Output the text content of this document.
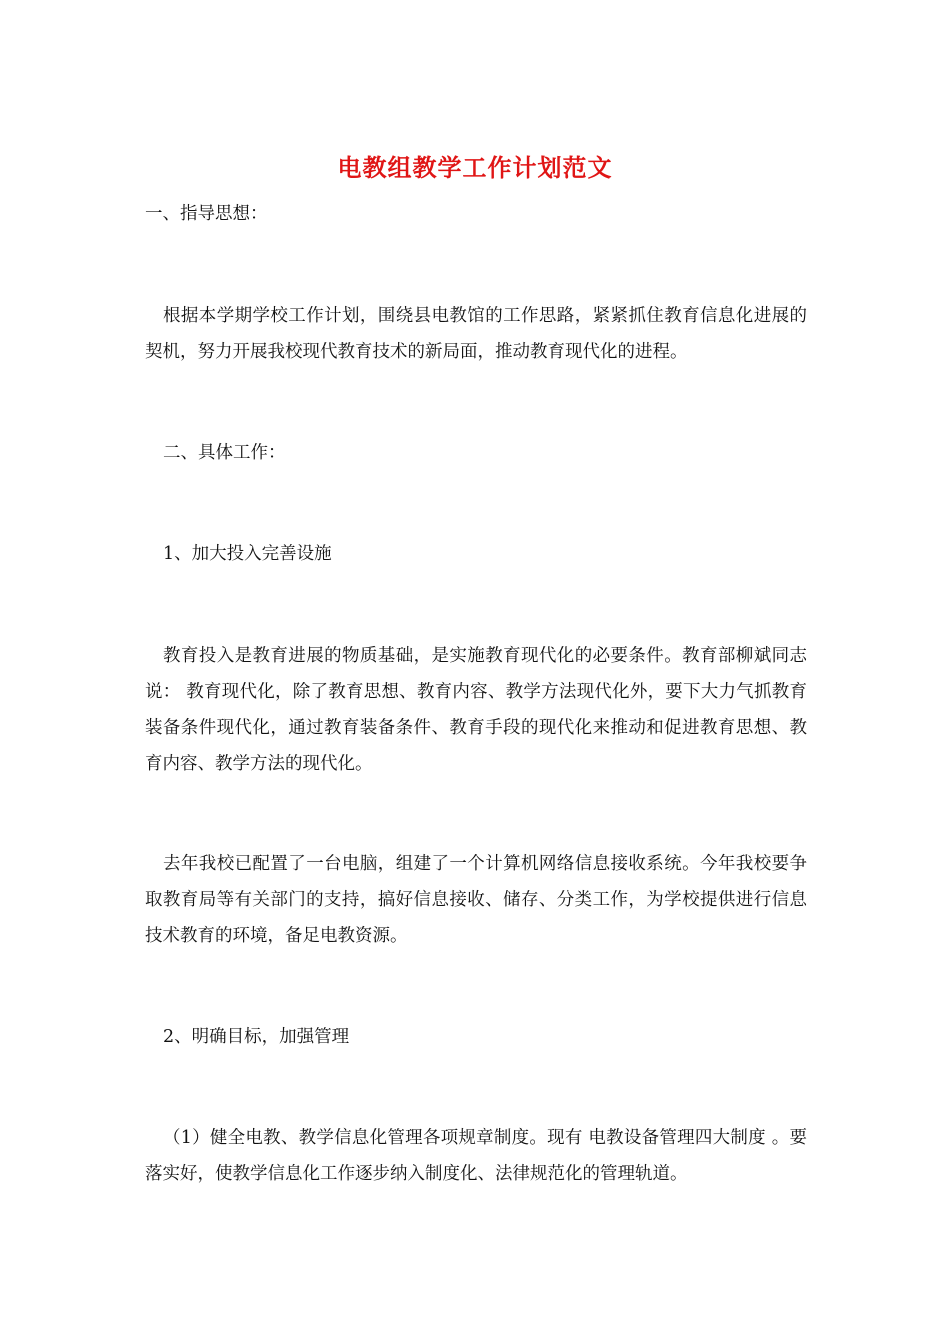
电教组教学工作计划范文

一、指导思想：

根据本学期学校工作计划，围绕县电教馆的工作思路，紧紧抓住教育信息化进展的契机，努力开展我校现代教育技术的新局面，推动教育现代化的进程。

二、具体工作：

1、加大投入完善设施

教育投入是教育进展的物质基础，是实施教育现代化的必要条件。教育部柳斌同志说： 教育现代化，除了教育思想、教育内容、教学方法现代化外，要下大力气抓教育装备条件现代化，通过教育装备条件、教育手段的现代化来推动和促进教育思想、教育内容、教学方法的现代化。

去年我校已配置了一台电脑，组建了一个计算机网络信息接收系统。今年我校要争取教育局等有关部门的支持，搞好信息接收、储存、分类工作，为学校提供进行信息技术教育的环境，备足电教资源。

2、明确目标，加强管理

（1）健全电教、教学信息化管理各项规章制度。现有 电教设备管理四大制度 。要落实好，使教学信息化工作逐步纳入制度化、法律规范化的管理轨道。
